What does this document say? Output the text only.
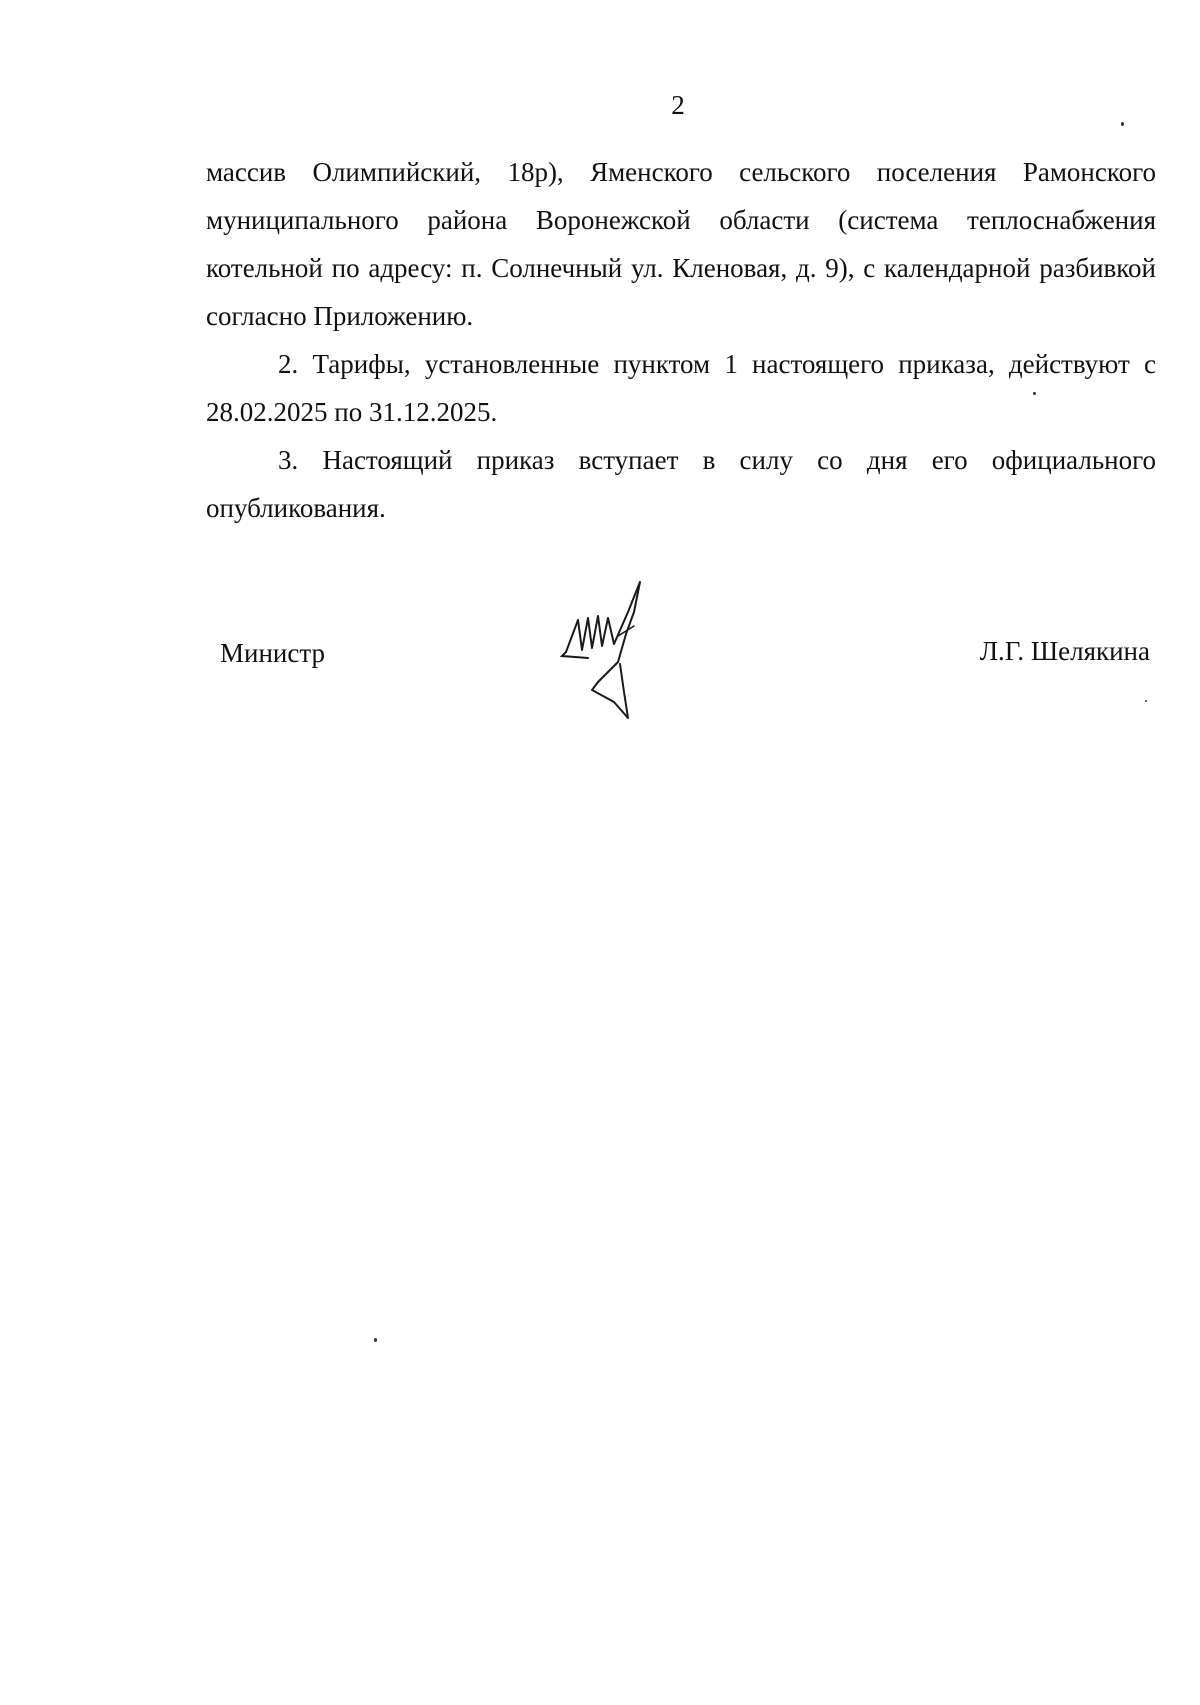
2

массив Олимпийский, 18р), Яменского сельского поселения Рамонского муниципального района Воронежской области (система теплоснабжения котельной по адресу: п. Солнечный ул. Кленовая, д. 9), с календарной разбивкой согласно Приложению.

2. Тарифы, установленные пунктом 1 настоящего приказа, действуют с 28.02.2025 по 31.12.2025.

3. Настоящий приказ вступает в силу со дня его официального опубликования.

Министр	Л.Г. Шелякина
